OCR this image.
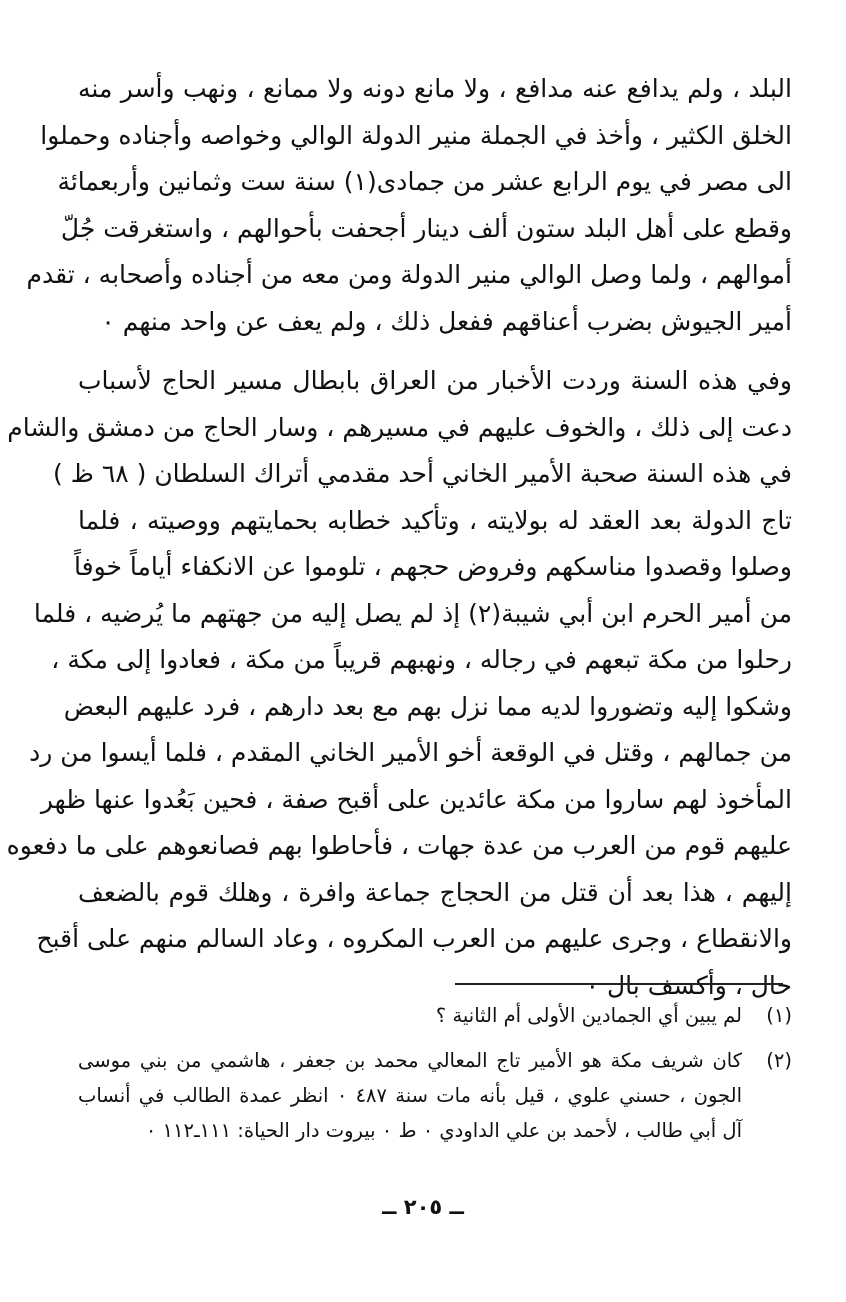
البلد ، ولم يدافع عنه مدافع ، ولا مانع دونه ولا ممانع ، ونهب وأسر منه
الخلق الكثير ، وأخذ في الجملة منير الدولة الوالي وخواصه وأجناده وحملوا
الى مصر في يوم الرابع عشر من جمادى(١) سنة ست وثمانين وأربعمائة
وقطع على أهل البلد ستون ألف دينار أجحفت بأحوالهم ، واستغرقت جُلّ
أموالهم ، ولما وصل الوالي منير الدولة ومن معه من أجناده وأصحابه ، تقدم
أمير الجيوش بضرب أعناقهم ففعل ذلك ، ولم يعف عن واحد منهم ٠
وفي هذه السنة وردت الأخبار من العراق بابطال مسير الحاج لأسباب
دعت إلى ذلك ، والخوف عليهم في مسيرهم ، وسار الحاج من دمشق والشام
في هذه السنة صحبة الأمير الخاني أحد مقدمي أتراك السلطان ( ٦٨ ظ )
تاج الدولة بعد العقد له بولايته ، وتأكيد خطابه بحمايتهم ووصيته ، فلما
وصلوا وقصدوا مناسكهم وفروض حجهم ، تلوموا عن الانكفاء أياماً خوفاً
من أمير الحرم ابن أبي شيبة(٢) إذ لم يصل إليه من جهتهم ما يُرضيه ، فلما
رحلوا من مكة تبعهم في رجاله ، ونهبهم قريباً من مكة ، فعادوا إلى مكة ،
وشكوا إليه وتضوروا لديه مما نزل بهم مع بعد دارهم ، فرد عليهم البعض
من جمالهم ، وقتل في الوقعة أخو الأمير الخاني المقدم ، فلما أيسوا من رد
المأخوذ لهم ساروا من مكة عائدين على أقبح صفة ، فحين بَعُدوا عنها ظهر
عليهم قوم من العرب من عدة جهات ، فأحاطوا بهم فصانعوهم على ما دفعوه
إليهم ، هذا بعد أن قتل من الحجاج جماعة وافرة ، وهلك قوم بالضعف
والانقطاع ، وجرى عليهم من العرب المكروه ، وعاد السالم منهم على أقبح
حال ، وأكسف بال ٠
(١)
لم يبين أي الجمادين الأولى أم الثانية ؟
(٢)
كان شريف مكة هو الأمير تاج المعالي محمد بن جعفر ، هاشمي من بني موسى
الجون ، حسني علوي ، قيل بأنه مات سنة ٤٨٧ ٠ انظر عمدة الطالب في أنساب
آل أبي طالب ، لأحمد بن علي الداودي ٠ ط ٠ بيروت دار الحياة: ١١١ـ١١٢ ٠
ــ ٢٠٥ ــ
